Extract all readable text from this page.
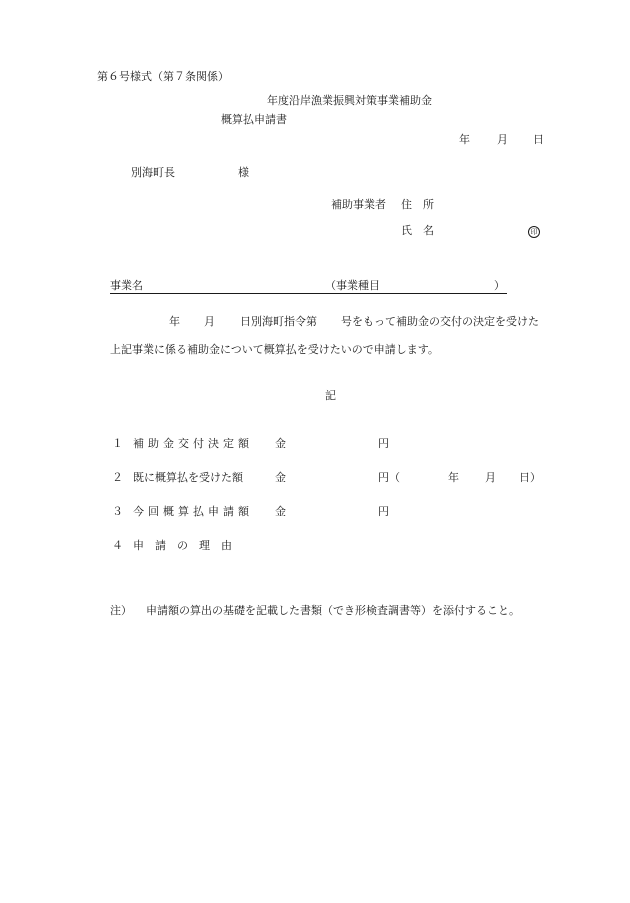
第６号様式（第７条関係）
年度沿岸漁業振興対策事業補助金
概算払申請書
年 月 日
別海町長	様
補助事業者 住　所
氏　名	印
事業名	（事業種目	）
年 月 日別海町指令第 号をもって補助金の交付の決定を受けた
上記事業に係る補助金について概算払を受けたいので申請します。
記
１ 補助金交付決定額 金	円
２ 既に概算払を受けた額	金	円（	年 月 日）
３ 今回概算払申請額 金	円
４ 申　請　の　理　由
注） 申請額の算出の基礎を記載した書類（でき形検査調書等）を添付すること。
